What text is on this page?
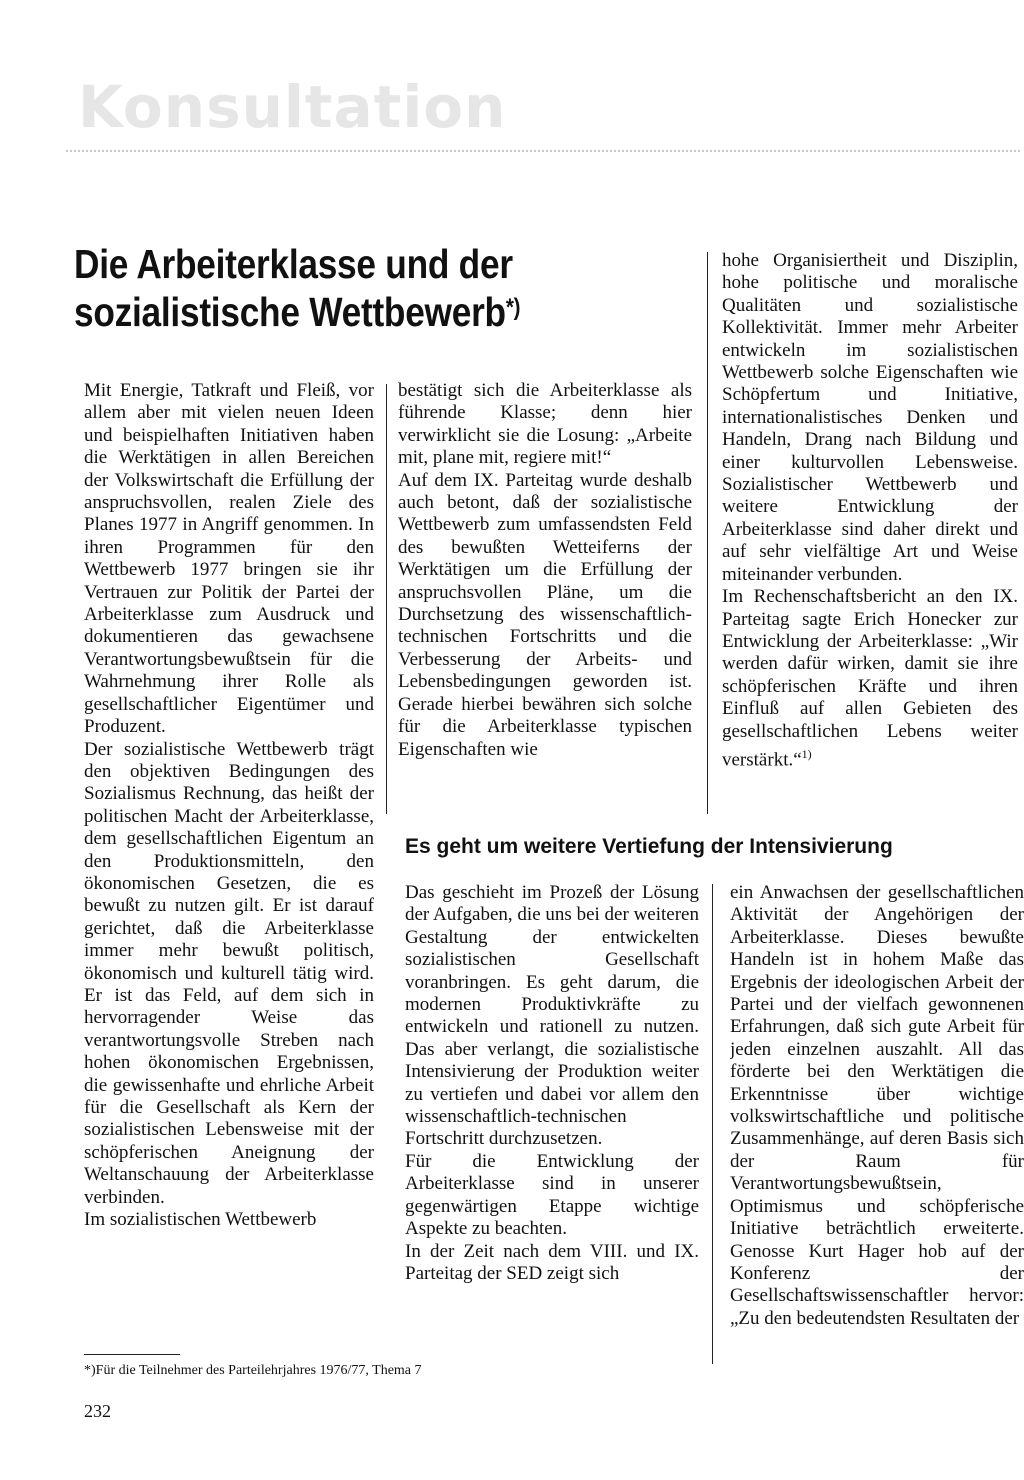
Konsultation
Die Arbeiterklasse und der
sozialistische Wettbewerb*)

Mit Energie, Tatkraft und Fleiß, vor allem aber mit vielen neuen Ideen und beispielhaften Initiativen haben die Werktätigen in allen Bereichen der Volkswirtschaft die Erfüllung der anspruchsvollen, realen Ziele des Planes 1977 in Angriff genommen. In ihren Programmen für den Wettbewerb 1977 bringen sie ihr Vertrauen zur Politik der Partei der Arbeiterklasse zum Ausdruck und dokumentieren das gewachsene Verantwortungsbewußtsein für die Wahrnehmung ihrer Rolle als gesellschaftlicher Eigentümer und Produzent.
Der sozialistische Wettbewerb trägt den objektiven Bedingungen des Sozialismus Rechnung, das heißt der politischen Macht der Arbeiterklasse, dem gesellschaftlichen Eigentum an den Produktionsmitteln, den ökonomischen Gesetzen, die es bewußt zu nutzen gilt. Er ist darauf gerichtet, daß die Arbeiterklasse immer mehr bewußt politisch, ökonomisch und kulturell tätig wird. Er ist das Feld, auf dem sich in hervorragender Weise das verantwortungsvolle Streben nach hohen ökonomischen Ergebnissen, die gewissenhafte und ehrliche Arbeit für die Gesellschaft als Kern der sozialistischen Lebensweise mit der schöpferischen Aneignung der Weltanschauung der Arbeiterklasse verbinden.
Im sozialistischen Wettbewerb

bestätigt sich die Arbeiterklasse als führende Klasse; denn hier verwirklicht sie die Losung: „Arbeite mit, plane mit, regiere mit!“
Auf dem IX. Parteitag wurde deshalb auch betont, daß der sozialistische Wettbewerb zum umfassendsten Feld des bewußten Wetteiferns der Werktätigen um die Erfüllung der anspruchsvollen Pläne, um die Durchsetzung des wissenschaftlich-technischen Fortschritts und die Verbesserung der Arbeits- und Lebensbedingungen geworden ist. Gerade hierbei bewähren sich solche für die Arbeiterklasse typischen Eigenschaften wie

hohe Organisiertheit und Disziplin, hohe politische und moralische Qualitäten und sozialistische Kollektivität. Immer mehr Arbeiter entwickeln im sozialistischen Wettbewerb solche Eigenschaften wie Schöpfertum und Initiative, internationalistisches Denken und Handeln, Drang nach Bildung und einer kulturvollen Lebensweise. Sozialistischer Wettbewerb und weitere Entwicklung der Arbeiterklasse sind daher direkt und auf sehr vielfältige Art und Weise miteinander verbunden.
Im Rechenschaftsbericht an den IX. Parteitag sagte Erich Honecker zur Entwicklung der Arbeiterklasse: „Wir werden dafür wirken, damit sie ihre schöpferischen Kräfte und ihren Einfluß auf allen Gebieten des gesellschaftlichen Lebens weiter verstärkt.“$^{1)}$

Es geht um weitere Vertiefung der Intensivierung

Das geschieht im Prozeß der Lösung der Aufgaben, die uns bei der weiteren Gestaltung der entwickelten sozialistischen Gesellschaft voranbringen. Es geht darum, die modernen Produktivkräfte zu entwickeln und rationell zu nutzen. Das aber verlangt, die sozialistische Intensivierung der Produktion weiter zu vertiefen und dabei vor allem den wissenschaftlich-technischen Fortschritt durchzusetzen.
Für die Entwicklung der Arbeiterklasse sind in unserer gegenwärtigen Etappe wichtige Aspekte zu beachten.
In der Zeit nach dem VIII. und IX. Parteitag der SED zeigt sich

ein Anwachsen der gesellschaftlichen Aktivität der Angehörigen der Arbeiterklasse. Dieses bewußte Handeln ist in hohem Maße das Ergebnis der ideologischen Arbeit der Partei und der vielfach gewonnenen Erfahrungen, daß sich gute Arbeit für jeden einzelnen auszahlt. All das förderte bei den Werktätigen die Erkenntnisse über wichtige volkswirtschaftliche und politische Zusammenhänge, auf deren Basis sich der Raum für Verantwortungsbewußtsein, Optimismus und schöpferische Initiative beträchtlich erweiterte. Genosse Kurt Hager hob auf der Konferenz der Gesellschaftswissenschaftler hervor: „Zu den bedeutendsten Resultaten der

*)Für die Teilnehmer des Parteilehrjahres 1976/77, Thema 7
232
